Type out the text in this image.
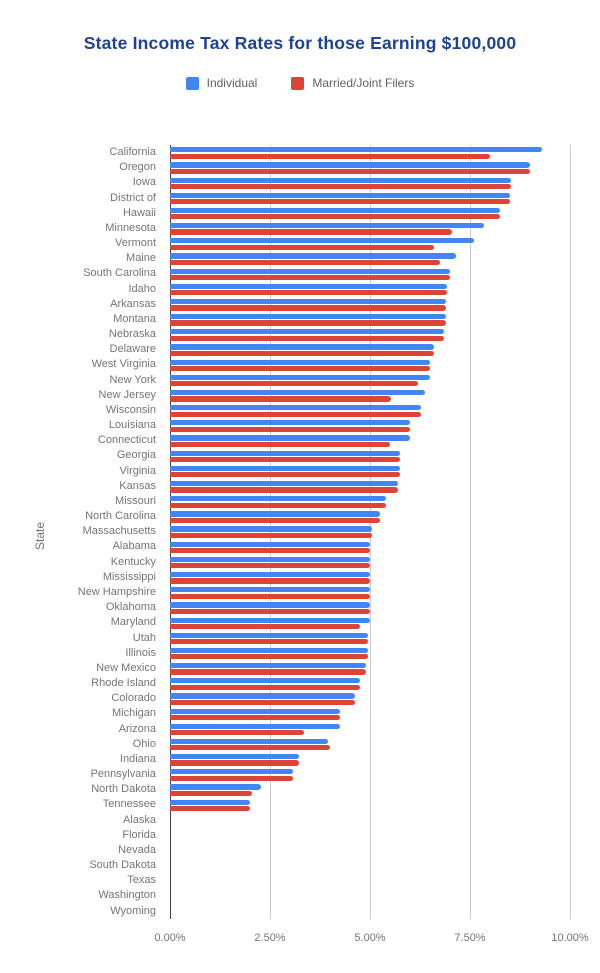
State Income Tax Rates for those Earning $100,000
Individual	Married/Joint Filers
California
Oregon
Iowa
District of
Hawaii
Minnesota
Vermont
Maine
South Carolina
Idaho
Arkansas
Montana
Nebraska
Delaware
West Virginia
New York
New Jersey
Wisconsin
Louisiana
Connecticut
Georgia
Virginia
Kansas
Missouri
North Carolina
Massachusetts
Alabama
Kentucky
Mississippi
New Hampshire
Oklahoma
Maryland
Utah
Illinois
New Mexico
Rhode Island
Colorado
Michigan
Arizona
Ohio
Indiana
Pennsylvania
North Dakota
Tennessee
Alaska
Florida
Nevada
South Dakota
Texas
Washington
Wyoming
0.00%	2.50%	5.00%	7.50%	10.00%
State
